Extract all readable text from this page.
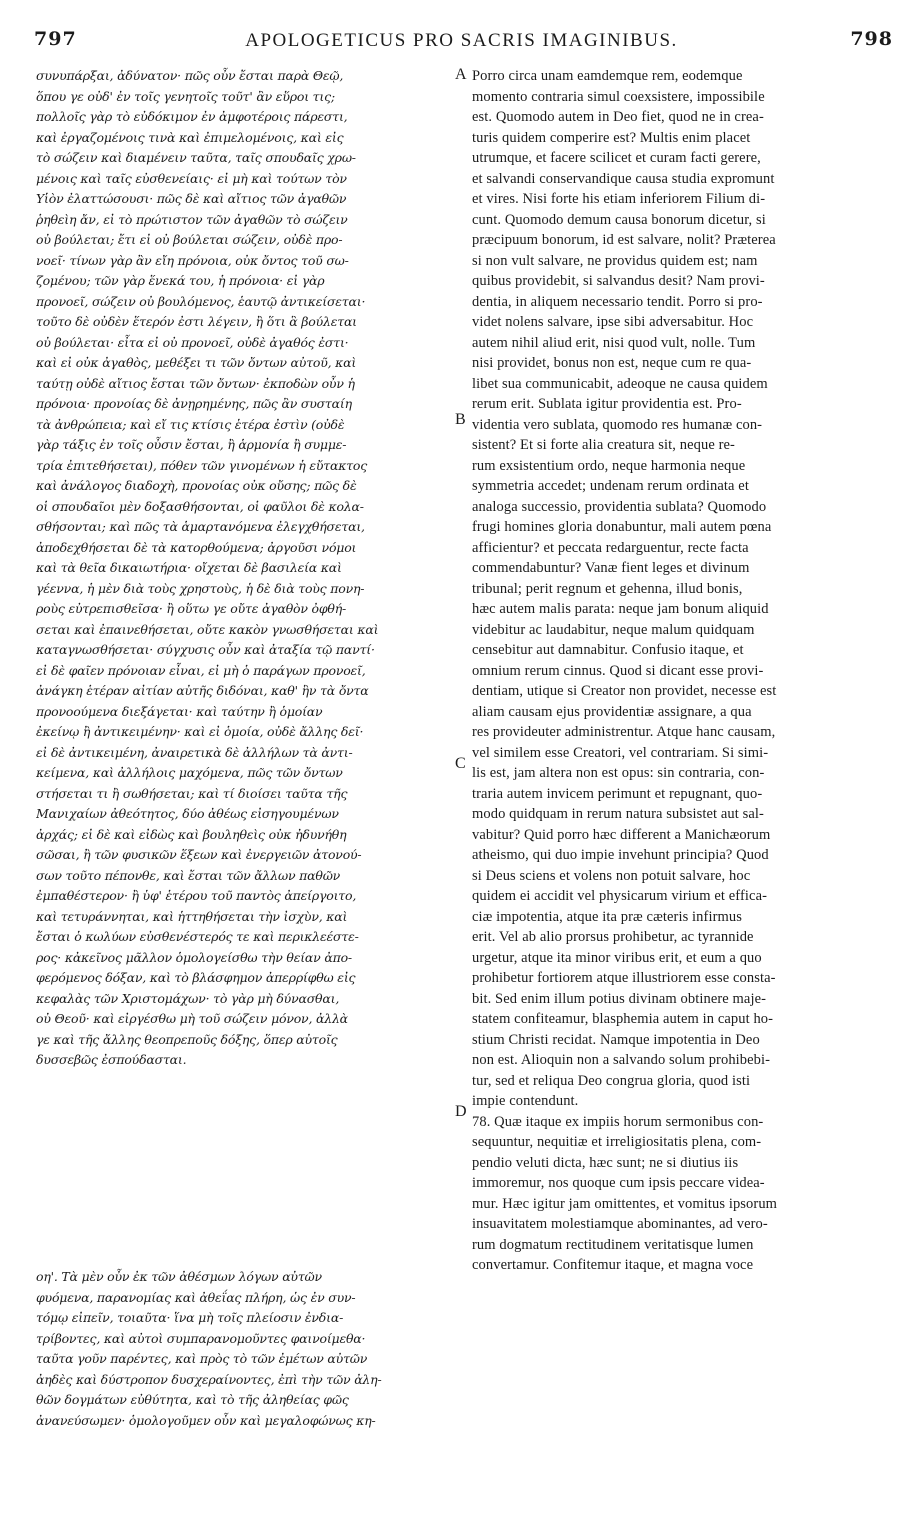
797	APOLOGETICUS PRO SACRIS IMAGINIBUS.	798
συνυπάρξαι, ἀδύνατον· πῶς οὖν ἔσται παρὰ Θεῷ,
ὅπου γε οὐδ' ἐν τοῖς γενητοῖς τοῦτ' ἂν εὕροι τις;
πολλοῖς γὰρ τὸ εὐδόκιμον ἐν ἀμφοτέροις πάρεστι,
καὶ ἐργαζομένοις τινὰ καὶ ἐπιμελομένοις, καὶ εἰς
τὸ σώζειν καὶ διαμένειν ταῦτα, ταῖς σπουδαῖς χρω-
μένοις καὶ ταῖς εὐσθενείαις· εἰ μὴ καὶ τούτων τὸν
Υἱὸν ἐλαττώσουσι· πῶς δὲ καὶ αἴτιος τῶν ἀγαθῶν
ῥηθεὶη ἄν, εἰ τὸ πρώτιστον τῶν ἀγαθῶν τὸ σώζειν
οὐ βούλεται; ἔτι εἰ οὐ βούλεται σώζειν, οὐδὲ προ-
νοεῖ· τίνων γὰρ ἂν εἴη πρόνοια, οὐκ ὄντος τοῦ σω-
ζομένου; τῶν γὰρ ἕνεκά του, ἡ πρόνοια· εἰ γὰρ
προνοεῖ, σώζειν οὐ βουλόμενος, ἑαυτῷ ἀντικείσεται·
τοῦτο δὲ οὐδὲν ἕτερόν ἐστι λέγειν, ἢ ὅτι ἃ βούλεται
οὐ βούλεται· εἶτα εἰ οὐ προνοεῖ, οὐδὲ ἀγαθός ἐστι·
καὶ εἰ οὐκ ἀγαθὸς, μεθέξει τι τῶν ὄντων αὐτοῦ, καὶ
ταύτῃ οὐδὲ αἴτιος ἔσται τῶν ὄντων· ἐκποδὼν οὖν ἡ
πρόνοια· προνοίας δὲ ἀνῃρημένης, πῶς ἂν συσταίη
τὰ ἀνθρώπεια; καὶ εἴ τις κτίσις ἑτέρα ἐστὶν (οὐδὲ
γὰρ τάξις ἐν τοῖς οὖσιν ἔσται, ἢ ἁρμονία ἢ συμμε-
τρία ἐπιτεθήσεται), πόθεν τῶν γινομένων ἡ εὔτακτος
καὶ ἀνάλογος διαδοχὴ, προνοίας οὐκ οὔσης; πῶς δὲ
οἱ σπουδαῖοι μὲν δοξασθήσονται, οἱ φαῦλοι δὲ κολα-
σθήσονται; καὶ πῶς τὰ ἁμαρτανόμενα ἐλεγχθήσεται,
ἀποδεχθήσεται δὲ τὰ κατορθούμενα; ἀργοῦσι νόμοι
καὶ τὰ θεῖα δικαιωτήρια· οἴχεται δὲ βασιλεία καὶ
γέεννα, ἡ μὲν διὰ τοὺς χρηστοὺς, ἡ δὲ διὰ τοὺς πονη-
ροὺς εὐτρεπισθεῖσα· ἢ οὕτω γε οὔτε ἀγαθὸν ὀφθή-
σεται καὶ ἐπαινεθήσεται, οὔτε κακὸν γνωσθήσεται καὶ
καταγνωσθήσεται· σύγχυσις οὖν καὶ ἀταξία τῷ παντί·
εἰ δὲ φαῖεν πρόνοιαν εἶναι, εἰ μὴ ὁ παράγων προνοεῖ,
ἀνάγκη ἑτέραν αἰτίαν αὐτῆς διδόναι, καθ' ἣν τὰ ὄντα
προνοούμενα διεξάγεται· καὶ ταύτην ἢ ὁμοίαν
ἐκείνῳ ἢ ἀντικειμένην· καὶ εἰ ὁμοία, οὐδὲ ἄλλης δεῖ·
εἰ δὲ ἀντικειμένη, ἀναιρετικὰ δὲ ἀλλήλων τὰ ἀντι-
κείμενα, καὶ ἀλλήλοις μαχόμενα, πῶς τῶν ὄντων
στήσεται τι ἢ σωθήσεται; καὶ τί διοίσει ταῦτα τῆς
Μανιχαίων ἀθεότητος, δύο ἀθέως εἰσηγουμένων
ἀρχάς; εἰ δὲ καὶ εἰδὼς καὶ βουληθεὶς οὐκ ἠδυνήθη
σῶσαι, ἢ τῶν φυσικῶν ἕξεων καὶ ἐνεργειῶν ἀτονού-
σων τοῦτο πέπονθε, καὶ ἔσται τῶν ἄλλων παθῶν
ἐμπαθέστερον· ἢ ὑφ' ἑτέρου τοῦ παντὸς ἀπείργοιτο,
καὶ τετυράννηται, καὶ ἡττηθήσεται τὴν ἰσχὺν, καὶ
ἔσται ὁ κωλύων εὐσθενέστερός τε καὶ περικλεέστε-
ρος· κἀκεῖνος μᾶλλον ὁμολογείσθω τὴν θείαν ἀπο-
φερόμενος δόξαν, καὶ τὸ βλάσφημον ἀπερρίφθω εἰς
κεφαλὰς τῶν Χριστομάχων· τὸ γὰρ μὴ δύνασθαι,
οὐ Θεοῦ· καὶ εἰργέσθω μὴ τοῦ σώζειν μόνον, ἀλλὰ
γε καὶ τῆς ἄλλης θεοπρεποῦς δόξης, ὅπερ αὐτοῖς
δυσσεβῶς ἐσπούδασται.
οη'. Τὰ μὲν οὖν ἐκ τῶν ἀθέσμων λόγων αὐτῶν
φυόμενα, παρανομίας καὶ ἀθεΐας πλήρη, ὡς ἐν συν-
τόμῳ εἰπεῖν, τοιαῦτα· ἵνα μὴ τοῖς πλείοσιν ἐνδια-
τρίβοντες, καὶ αὐτοὶ συμπαρανομοῦντες φαινοίμεθα·
ταῦτα γοῦν παρέντες, καὶ πρὸς τὸ τῶν ἐμέτων αὐτῶν
ἀηδὲς καὶ δύστροπον δυσχεραίνοντες, ἐπὶ τὴν τῶν ἀλη-
θῶν δογμάτων εὐθύτητα, καὶ τὸ τῆς ἀληθείας φῶς
ἀνανεύσωμεν· ὁμολογοῦμεν οὖν καὶ μεγαλοφώνως κη-
Porro circa unam eamdemque rem, eodemque
momento contraria simul coexsistere, impossibile
est. Quomodo autem in Deo fiet, quod ne in crea-
turis quidem comperire est? Multis enim placet
utrumque, et facere scilicet et curam facti gerere,
et salvandi conservandique causa studia expromunt
et vires. Nisi forte his etiam inferiorem Filium di-
cunt. Quomodo demum causa bonorum dicetur, si
præcipuum bonorum, id est salvare, nolit? Præterea
si non vult salvare, ne providus quidem est; nam
quibus providebit, si salvandus desit? Nam provi-
dentia, in aliquem necessario tendit. Porro si pro-
videt nolens salvare, ipse sibi adversabitur. Hoc
autem nihil aliud erit, nisi quod vult, nolle. Tum
nisi providet, bonus non est, neque cum re qua-
libet sua communicabit, adeoque ne causa quidem
rerum erit. Sublata igitur providentia est. Pro-
videntia vero sublata, quomodo res humanæ con-
sistent? Et si forte alia creatura sit, neque re-
rum exsistentium ordo, neque harmonia neque
symmetria accedet; undenam rerum ordinata et
analoga successio, providentia sublata? Quomodo
frugi homines gloria donabuntur, mali autem pœna
afficientur? et peccata redarguentur, recte facta
commendabuntur? Vanæ fient leges et divinum
tribunal; perit regnum et gehenna, illud bonis,
hæc autem malis parata: neque jam bonum aliquid
videbitur ac laudabitur, neque malum quidquam
censebitur aut damnabitur. Confusio itaque, et
omnium rerum cinnus. Quod si dicant esse provi-
dentiam, utique si Creator non providet, necesse est
aliam causam ejus providentiæ assignare, a qua
res provideuter administrentur. Atque hanc causam,
vel similem esse Creatori, vel contrariam. Si simi-
lis est, jam altera non est opus: sin contraria, con-
traria autem invicem perimunt et repugnant, quo-
modo quidquam in rerum natura subsistet aut sal-
vabitur? Quid porro hæc different a Manichæorum
atheismo, qui duo impie invehunt principia? Quod
si Deus sciens et volens non potuit salvare, hoc
quidem ei accidit vel physicarum virium et effica-
ciæ impotentia, atque ita præ cæteris infirmus
erit. Vel ab alio prorsus prohibetur, ac tyrannide
urgetur, atque ita minor viribus erit, et eum a quo
prohibetur fortiorem atque illustriorem esse consta-
bit. Sed enim illum potius divinam obtinere maje-
statem confiteamur, blasphemia autem in caput ho-
stium Christi recidat. Namque impotentia in Deo
non est. Alioquin non a salvando solum prohibebi-
tur, sed et reliqua Deo congrua gloria, quod isti
impie contendunt.
78. Quæ itaque ex impiis horum sermonibus con-
sequuntur, nequitiæ et irreligiositatis plena, com-
pendio veluti dicta, hæc sunt; ne si diutius iis
immoremur, nos quoque cum ipsis peccare videa-
mur. Hæc igitur jam omittentes, et vomitus ipsorum
insuavitatem molestiamque abominantes, ad vero-
rum dogmatum rectitudinem veritatisque lumen
convertamur. Confitemur itaque, et magna voce
A
B
C
D
